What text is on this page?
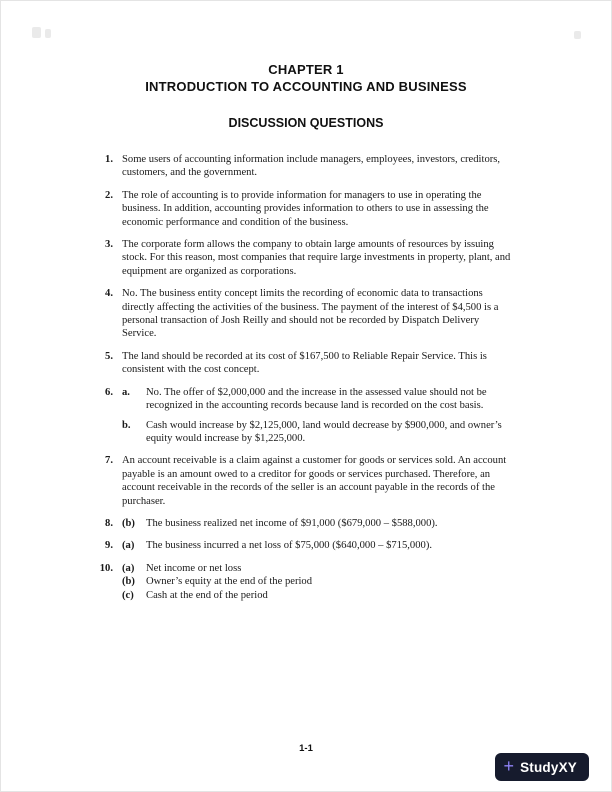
CHAPTER 1
INTRODUCTION TO ACCOUNTING AND BUSINESS
DISCUSSION QUESTIONS
1. Some users of accounting information include managers, employees, investors, creditors, customers, and the government.

2. The role of accounting is to provide information for managers to use in operating the business. In addition, accounting provides information to others to use in assessing the economic performance and condition of the business.

3. The corporate form allows the company to obtain large amounts of resources by issuing stock. For this reason, most companies that require large investments in property, plant, and equipment are organized as corporations.

4. No. The business entity concept limits the recording of economic data to transactions directly affecting the activities of the business. The payment of the interest of $4,500 is a personal transaction of Josh Reilly and should not be recorded by Dispatch Delivery Service.

5. The land should be recorded at its cost of $167,500 to Reliable Repair Service. This is consistent with the cost concept.

6. a.	No. The offer of $2,000,000 and the increase in the assessed value should not be recognized in the accounting records because land is recorded on the cost basis.

b.	Cash would increase by $2,125,000, land would decrease by $900,000, and owner’s equity would increase by $1,225,000.

7. An account receivable is a claim against a customer for goods or services sold. An account payable is an amount owed to a creditor for goods or services purchased. Therefore, an account receivable in the records of the seller is an account payable in the records of the purchaser.

8. (b)	The business realized net income of $91,000 ($679,000 – $588,000).

9. (a)	The business incurred a net loss of $75,000 ($640,000 – $715,000).

10. (a)	Net income or net loss

(b)	Owner’s equity at the end of the period

(c)	Cash at the end of the period

1-1
+ StudyXY
